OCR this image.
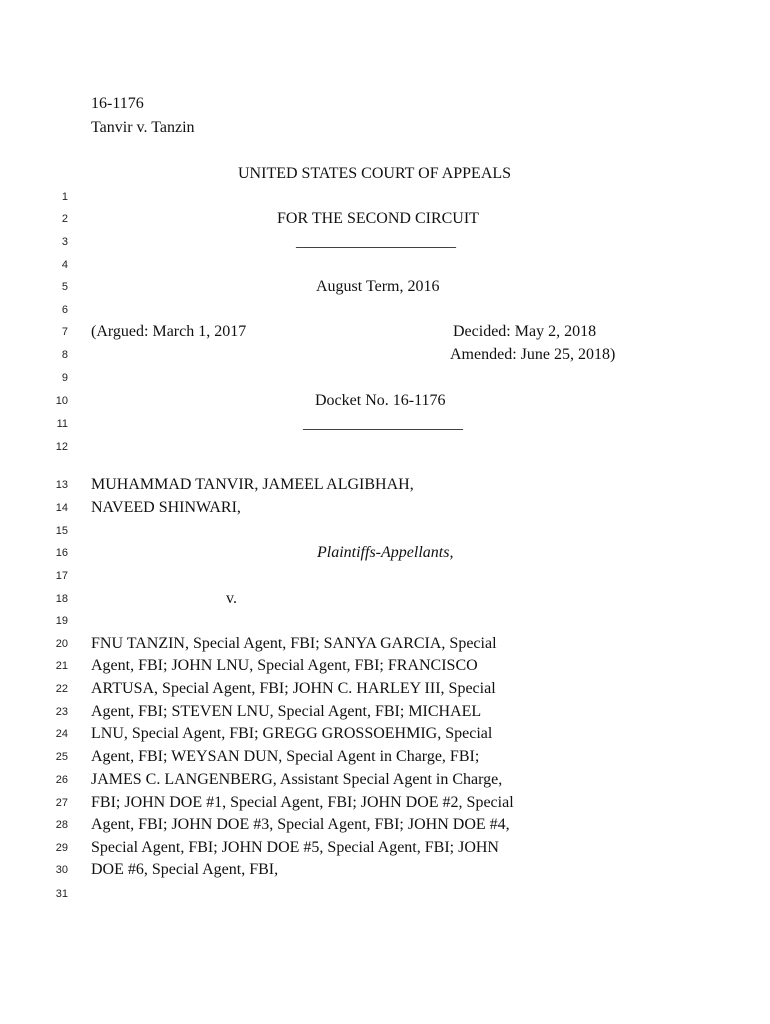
16-1176
Tanvir v. Tanzin
UNITED STATES COURT OF APPEALS
1
2	FOR THE SECOND CIRCUIT
3	____________________
4
5	August Term, 2016
6
7 (Argued: March 1, 2017	Decided: May 2, 2018
8	Amended: June 25, 2018)
9
10	Docket No. 16-1176
11	____________________
12
13 MUHAMMAD TANVIR, JAMEEL ALGIBHAH,
14 NAVEED SHINWARI,
15
16	Plaintiffs-Appellants,
17
18	v.
19
20 FNU TANZIN, Special Agent, FBI; SANYA GARCIA, Special
21 Agent, FBI; JOHN LNU, Special Agent, FBI; FRANCISCO
22 ARTUSA, Special Agent, FBI; JOHN C. HARLEY III, Special
23 Agent, FBI; STEVEN LNU, Special Agent, FBI; MICHAEL
24 LNU, Special Agent, FBI; GREGG GROSSOEHMIG, Special
25 Agent, FBI; WEYSAN DUN, Special Agent in Charge, FBI;
26 JAMES C. LANGENBERG, Assistant Special Agent in Charge,
27 FBI; JOHN DOE #1, Special Agent, FBI; JOHN DOE #2, Special
28 Agent, FBI; JOHN DOE #3, Special Agent, FBI; JOHN DOE #4,
29 Special Agent, FBI; JOHN DOE #5, Special Agent, FBI; JOHN
30 DOE #6, Special Agent, FBI,
31
